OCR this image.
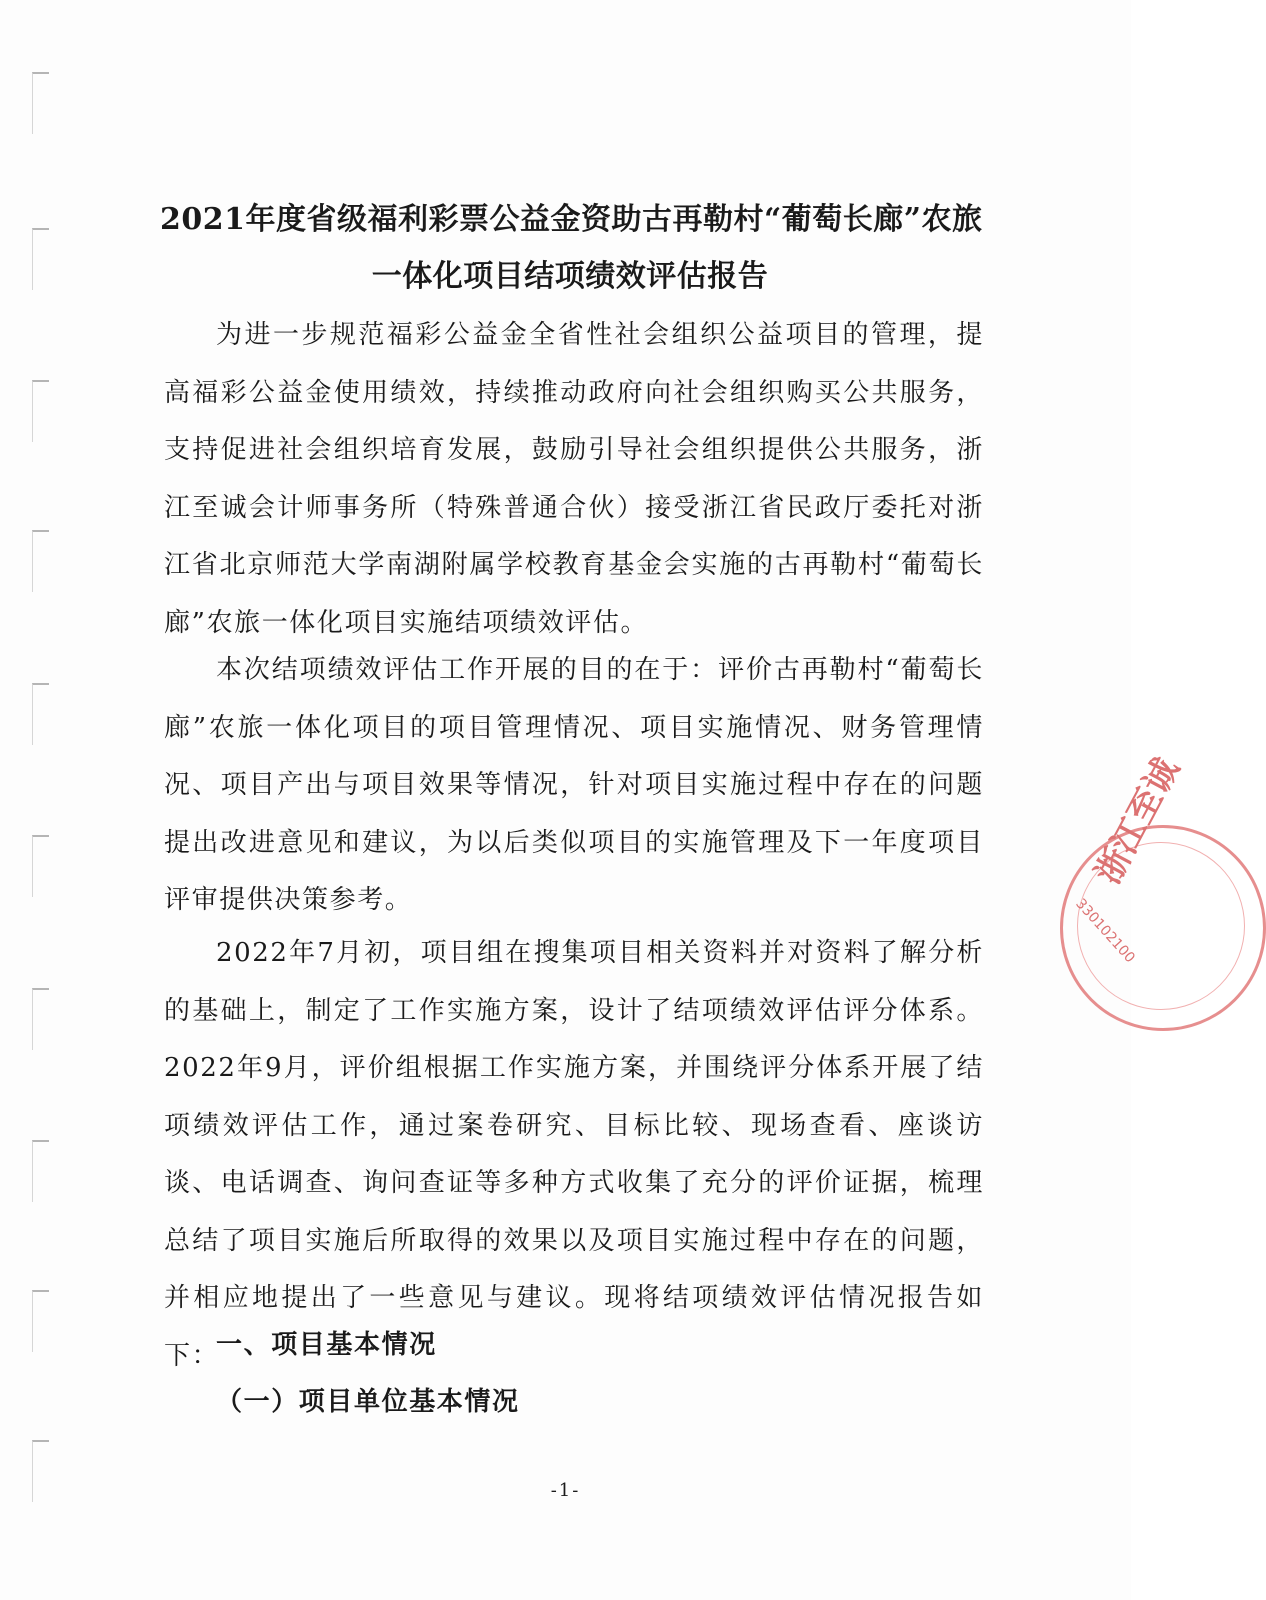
2021年度省级福利彩票公益金资助古再勒村“葡萄长廊”农旅
一体化项目结项绩效评估报告

为进一步规范福彩公益金全省性社会组织公益项目的管理，提高福彩公益金使用绩效，持续推动政府向社会组织购买公共服务，支持促进社会组织培育发展，鼓励引导社会组织提供公共服务，浙江至诚会计师事务所（特殊普通合伙）接受浙江省民政厅委托对浙江省北京师范大学南湖附属学校教育基金会实施的古再勒村“葡萄长廊”农旅一体化项目实施结项绩效评估。

本次结项绩效评估工作开展的目的在于：评价古再勒村“葡萄长廊”农旅一体化项目的项目管理情况、项目实施情况、财务管理情况、项目产出与项目效果等情况，针对项目实施过程中存在的问题提出改进意见和建议，为以后类似项目的实施管理及下一年度项目评审提供决策参考。

2022年7月初，项目组在搜集项目相关资料并对资料了解分析的基础上，制定了工作实施方案，设计了结项绩效评估评分体系。2022年9月，评价组根据工作实施方案，并围绕评分体系开展了结项绩效评估工作，通过案卷研究、目标比较、现场查看、座谈访谈、电话调查、询问查证等多种方式收集了充分的评价证据，梳理总结了项目实施后所取得的效果以及项目实施过程中存在的问题，并相应地提出了一些意见与建议。现将结项绩效评估情况报告如下：

一、项目基本情况
（一）项目单位基本情况
-1-
浙江至诚
330102100
